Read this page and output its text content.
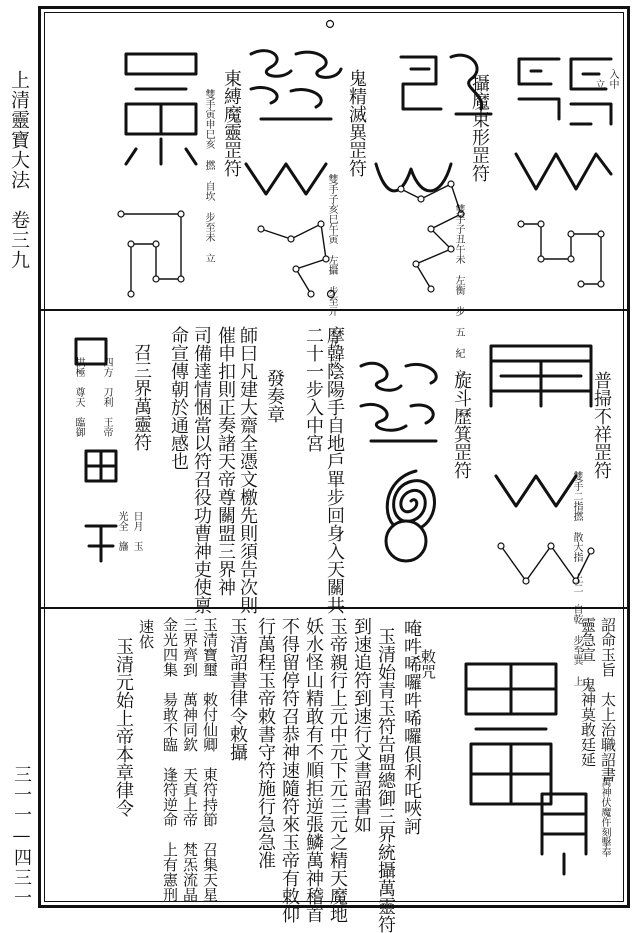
上清靈寶大法　卷三九
三一一—四三一
入中
立
攝魔束形罡符
雙手子丑午未 左衡 步 五 紀 立
鬼精滅異罡符
雙手子亥巳午寅 左攝 步至亓 二五 立
東縛魔靈罡符
雙手寅申巳亥 撚 自坎 步至未 立
普掃不祥罡符
雙手二指撚 散大指 上二 自乾 步至巽 上
旋斗歷箕罡符
摩韓陰陽手自地戶單步回身入天關共
二十一步入中宮
發奏章
師曰凡建大齋全憑文檄先則須告次則
催申扣則正奏諸天帝尊關盟三界神
司備達情悃當以符召役功曹神吏使禀
命宣傳朝於通感也
召三界萬靈符
四方　刀利　王帝
拱極　尊天　臨御
日月　玉
光全　旛
詔命玉旨　太上治職詔書
靈急宣　鬼神莫敢廷延
萬神伏魔仵刻擊奉
敕咒
唵吽唏囉吽唏囉俱利吒唊訶
玉清始青玉符告盟總御三界統攝萬靈符
到速追符到速行文書詔書如
玉帝親行上元中元下元三元之精天魔地
妖水怪山精敢有不順拒逆張鱗萬神稽首
不得留停符召恭神速隨符來玉帝有敕仰
行萬程玉帝敕書守符施行急急准
玉清詔書律令敕攝
玉清寶璽　敕付仙卿　東符持節　召集天星
三界齊到　萬神同欽　天真上帝　梵炁流晶
金光四集　昜敢不臨　逢符逆命　上有憲刑
速依
玉清元始上帝本章律令
